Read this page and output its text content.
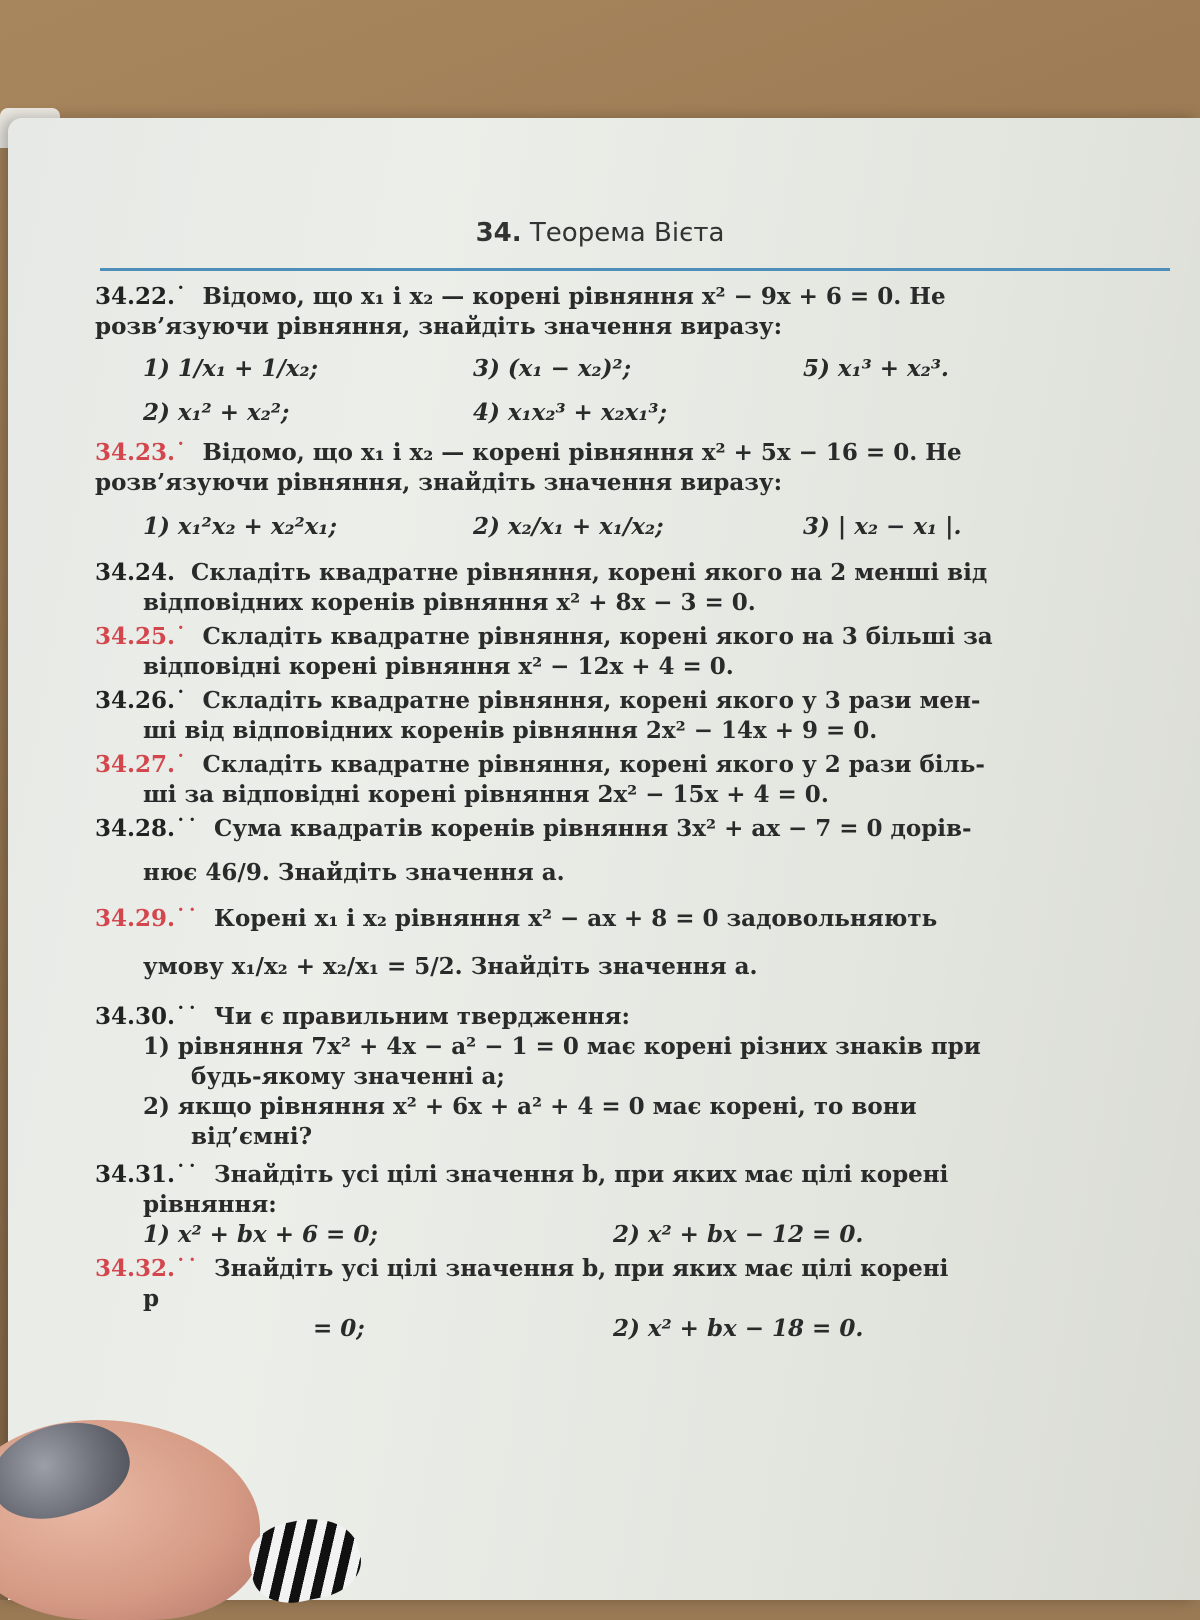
34. Теорема Вієта
34.22.˙ Відомо, що x₁ і x₂ — корені рівняння x² − 9x + 6 = 0. Не
розв’язуючи рівняння, знайдіть значення виразу:
1) 1/x₁ + 1/x₂;	3) (x₁ − x₂)²;	5) x₁³ + x₂³.
2) x₁² + x₂²;	4) x₁x₂³ + x₂x₁³;
34.23.˙ Відомо, що x₁ і x₂ — корені рівняння x² + 5x − 16 = 0. Не
розв’язуючи рівняння, знайдіть значення виразу:
1) x₁²x₂ + x₂²x₁;	2) x₂/x₁ + x₁/x₂;	3) | x₂ − x₁ |.
34.24. Складіть квадратне рівняння, корені якого на 2 менші від
відповідних коренів рівняння x² + 8x − 3 = 0.
34.25.˙ Складіть квадратне рівняння, корені якого на 3 більші за
відповідні корені рівняння x² − 12x + 4 = 0.
34.26.˙ Складіть квадратне рівняння, корені якого у 3 рази мен-
ші від відповідних коренів рівняння 2x² − 14x + 9 = 0.
34.27.˙ Складіть квадратне рівняння, корені якого у 2 рази біль-
ші за відповідні корені рівняння 2x² − 15x + 4 = 0.
34.28.˙˙ Сума квадратів коренів рівняння 3x² + ax − 7 = 0 дорів-
нює 46/9. Знайдіть значення a.
34.29.˙˙ Корені x₁ і x₂ рівняння x² − ax + 8 = 0 задовольняють
умову x₁/x₂ + x₂/x₁ = 5/2. Знайдіть значення a.
34.30.˙˙ Чи є правильним твердження:
1) рівняння 7x² + 4x − a² − 1 = 0 має корені різних знаків при
будь-якому значенні a;
2) якщо рівняння x² + 6x + a² + 4 = 0 має корені, то вони
від’ємні?
34.31.˙˙ Знайдіть усі цілі значення b, при яких має цілі корені
рівняння:
1) x² + bx + 6 = 0;	2) x² + bx − 12 = 0.
34.32.˙˙ Знайдіть усі цілі значення b, при яких має цілі корені
р
= 0;	2) x² + bx − 18 = 0.
